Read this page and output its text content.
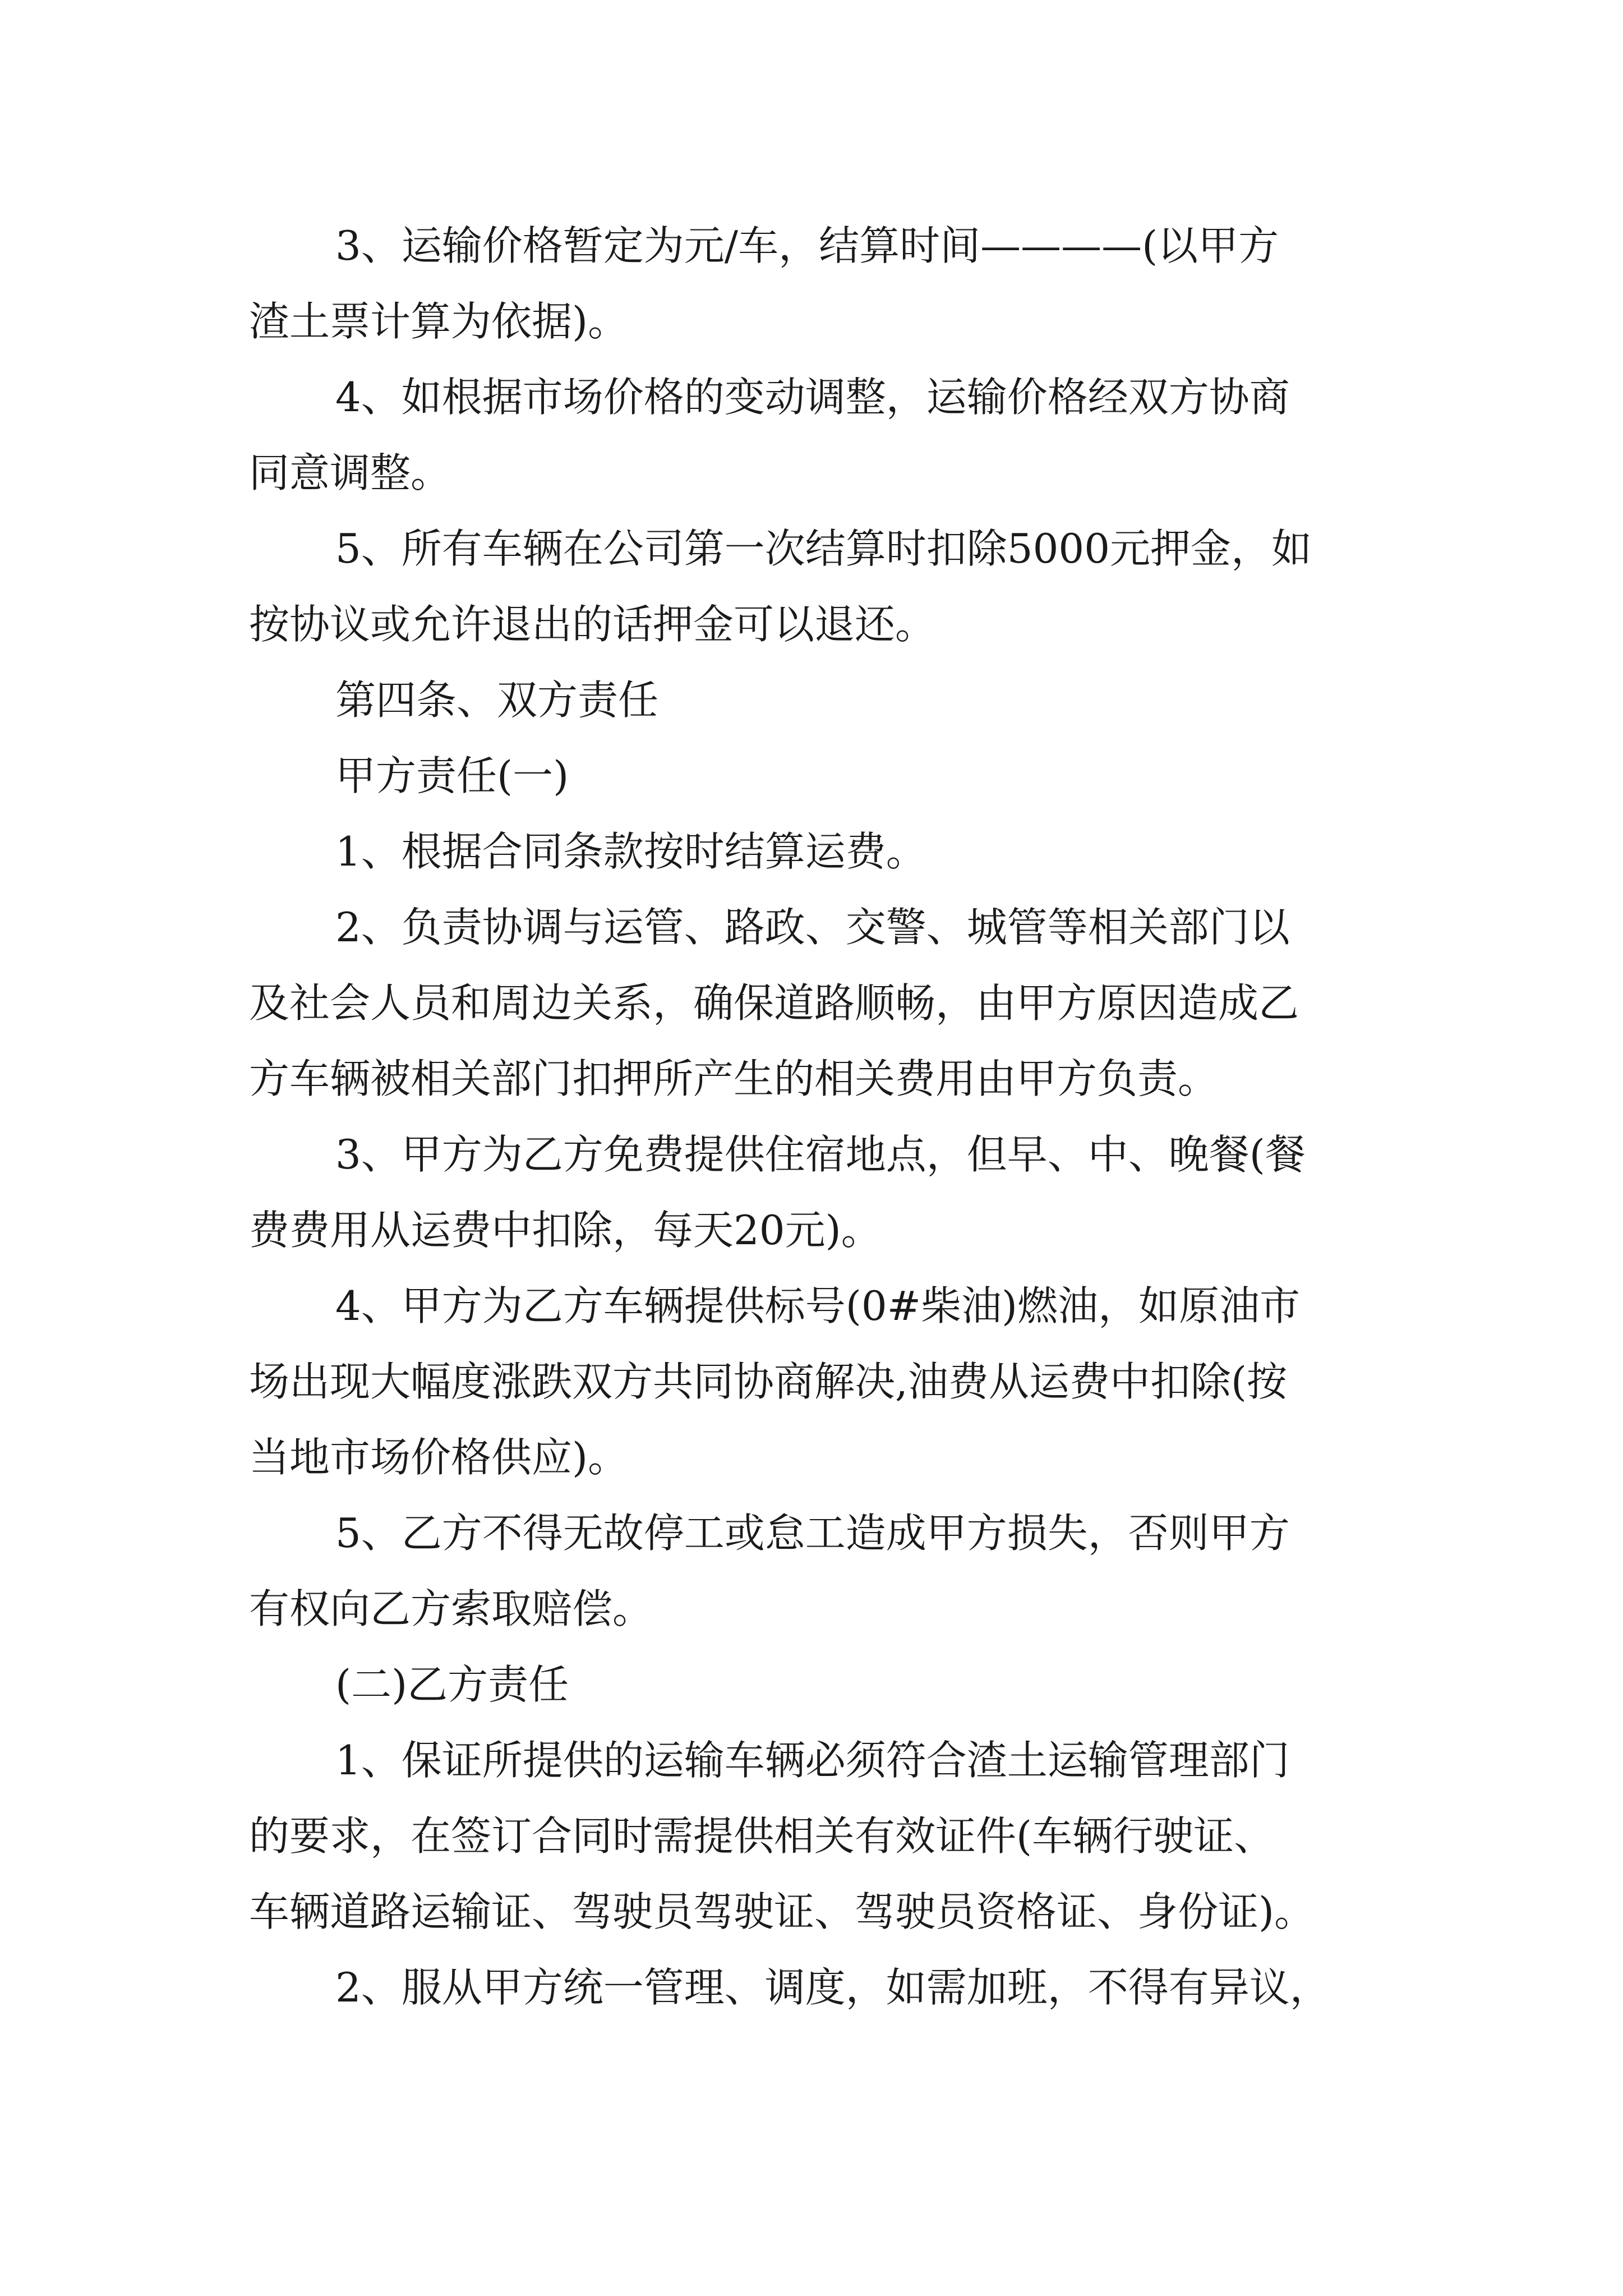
3、运输价格暂定为元/车，结算时间————(以甲方

渣土票计算为依据)。

4、如根据市场价格的变动调整，运输价格经双方协商

同意调整。

5、所有车辆在公司第一次结算时扣除5000元押金，如

按协议或允许退出的话押金可以退还。

第四条、双方责任

甲方责任(一)

1、根据合同条款按时结算运费。

2、负责协调与运管、路政、交警、城管等相关部门以

及社会人员和周边关系，确保道路顺畅，由甲方原因造成乙

方车辆被相关部门扣押所产生的相关费用由甲方负责。

3、甲方为乙方免费提供住宿地点，但早、中、晚餐(餐

费费用从运费中扣除，每天20元)。

4、甲方为乙方车辆提供标号(0#柴油)燃油，如原油市

场出现大幅度涨跌双方共同协商解决,油费从运费中扣除(按

当地市场价格供应)。

5、乙方不得无故停工或怠工造成甲方损失，否则甲方

有权向乙方索取赔偿。

(二)乙方责任

1、保证所提供的运输车辆必须符合渣土运输管理部门

的要求，在签订合同时需提供相关有效证件(车辆行驶证、

车辆道路运输证、驾驶员驾驶证、驾驶员资格证、身份证)。

2、服从甲方统一管理、调度，如需加班，不得有异议，
